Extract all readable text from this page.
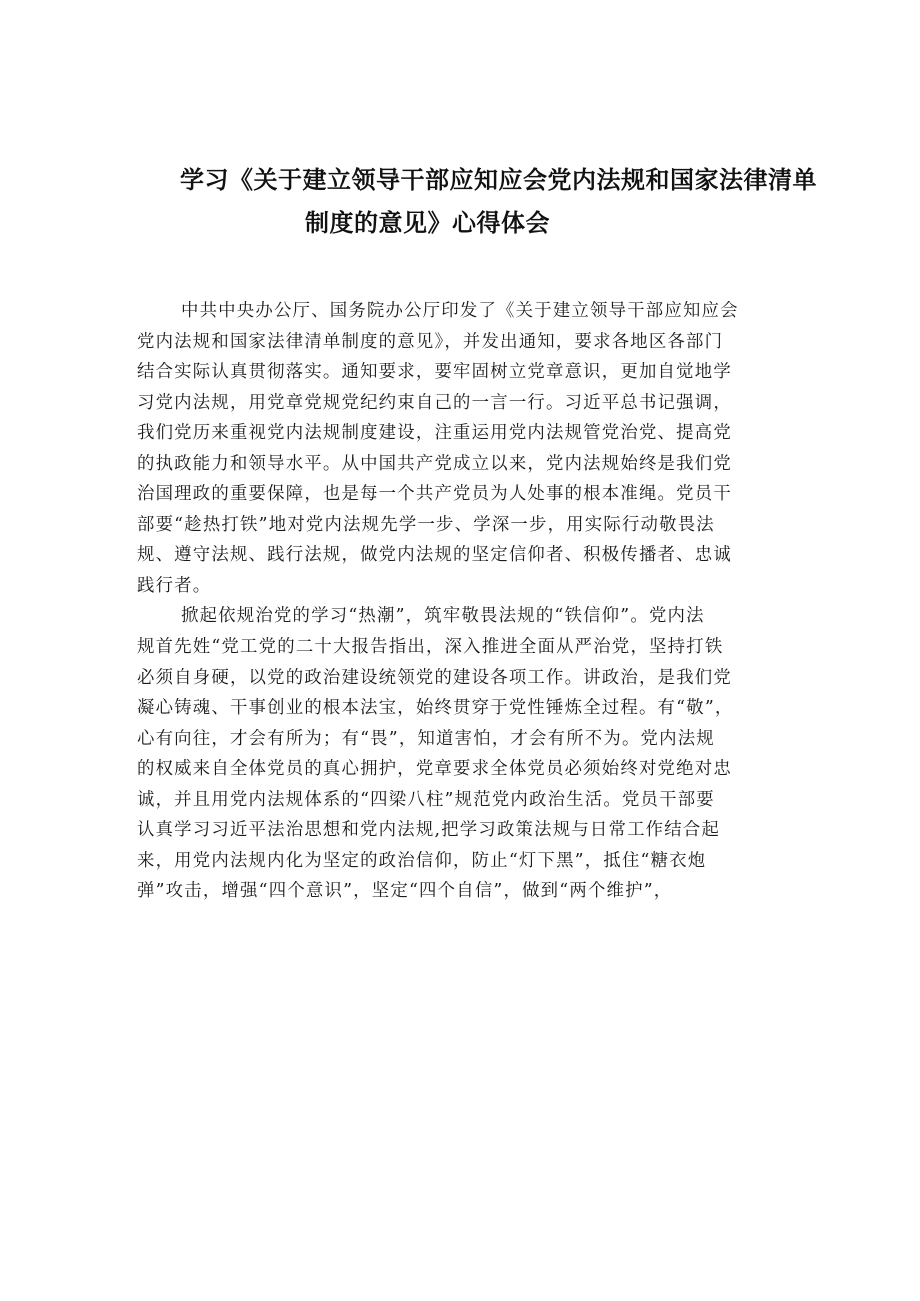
学习《关于建立领导干部应知应会党内法规和国家法律清单
制度的意见》心得体会
中共中央办公厅、国务院办公厅印发了《关于建立领导干部应知应会
党内法规和国家法律清单制度的意见》，并发出通知，要求各地区各部门
结合实际认真贯彻落实。通知要求，要牢固树立党章意识，更加自觉地学
习党内法规，用党章党规党纪约束自己的一言一行。习近平总书记强调，
我们党历来重视党内法规制度建设，注重运用党内法规管党治党、提高党
的执政能力和领导水平。从中国共产党成立以来，党内法规始终是我们党
治国理政的重要保障，也是每一个共产党员为人处事的根本准绳。党员干
部要“趁热打铁”地对党内法规先学一步、学深一步，用实际行动敬畏法
规、遵守法规、践行法规，做党内法规的坚定信仰者、积极传播者、忠诚
践行者。
掀起依规治党的学习“热潮”，筑牢敬畏法规的“铁信仰”。党内法
规首先姓“党工党的二十大报告指出，深入推进全面从严治党，坚持打铁
必须自身硬，以党的政治建设统领党的建设各项工作。讲政治，是我们党
凝心铸魂、干事创业的根本法宝，始终贯穿于党性锤炼全过程。有“敬”，
心有向往，才会有所为；有“畏”，知道害怕，才会有所不为。党内法规
的权威来自全体党员的真心拥护，党章要求全体党员必须始终对党绝对忠
诚，并且用党内法规体系的“四梁八柱”规范党内政治生活。党员干部要
认真学习习近平法治思想和党内法规,把学习政策法规与日常工作结合起
来，用党内法规内化为坚定的政治信仰，防止“灯下黑”，抵住“糖衣炮
弹”攻击，增强“四个意识”，坚定“四个自信”，做到“两个维护”，
